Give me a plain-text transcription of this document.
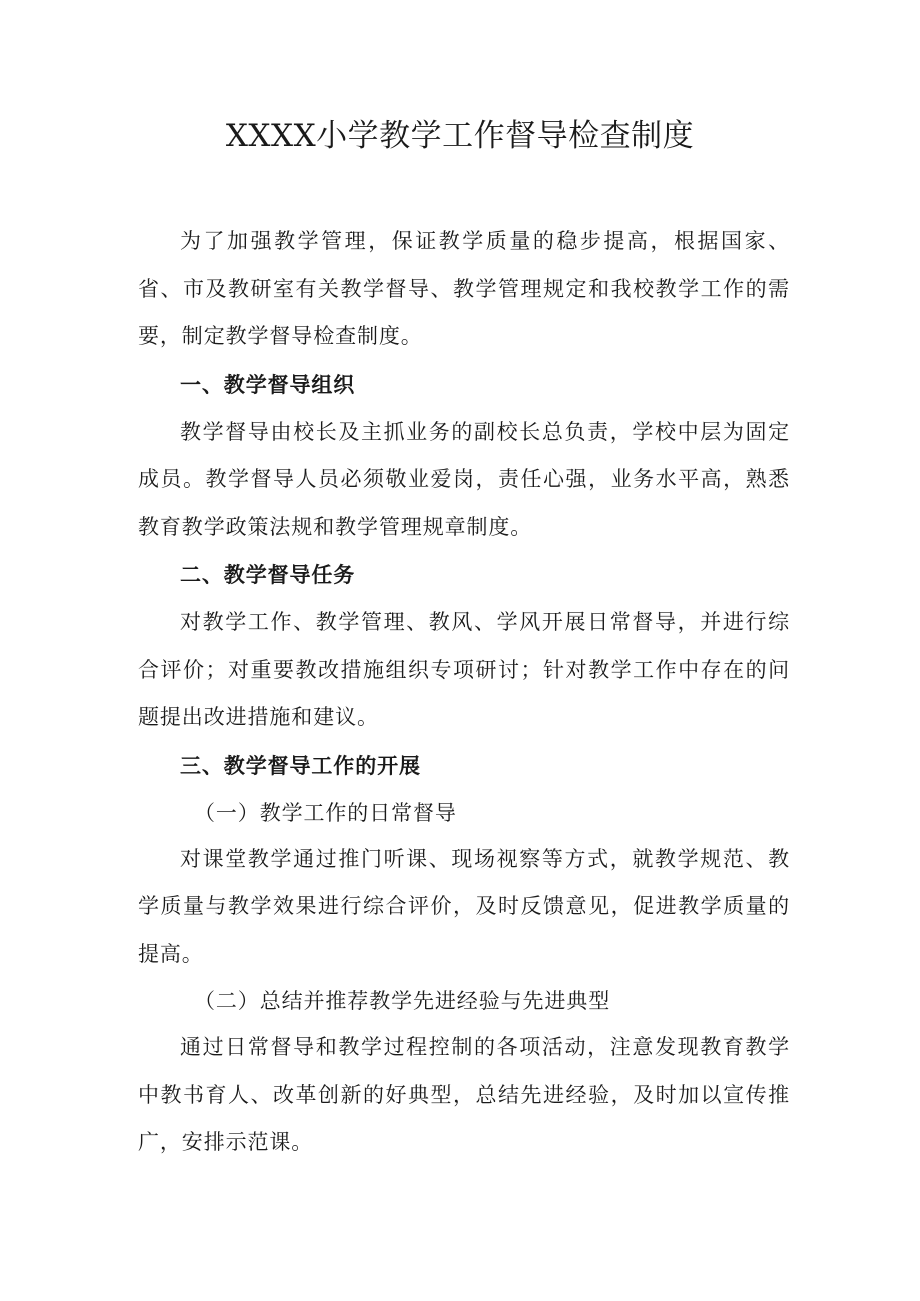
XXXX小学教学工作督导检查制度

为了加强教学管理，保证教学质量的稳步提高，根据国家、省、市及教研室有关教学督导、教学管理规定和我校教学工作的需要，制定教学督导检查制度。

一、教学督导组织

教学督导由校长及主抓业务的副校长总负责，学校中层为固定成员。教学督导人员必须敬业爱岗，责任心强，业务水平高，熟悉教育教学政策法规和教学管理规章制度。

二、教学督导任务

对教学工作、教学管理、教风、学风开展日常督导，并进行综合评价；对重要教改措施组织专项研讨；针对教学工作中存在的问题提出改进措施和建议。

三、教学督导工作的开展

（一）教学工作的日常督导

对课堂教学通过推门听课、现场视察等方式，就教学规范、教学质量与教学效果进行综合评价，及时反馈意见，促进教学质量的提高。

（二）总结并推荐教学先进经验与先进典型

通过日常督导和教学过程控制的各项活动，注意发现教育教学中教书育人、改革创新的好典型，总结先进经验，及时加以宣传推广，安排示范课。
